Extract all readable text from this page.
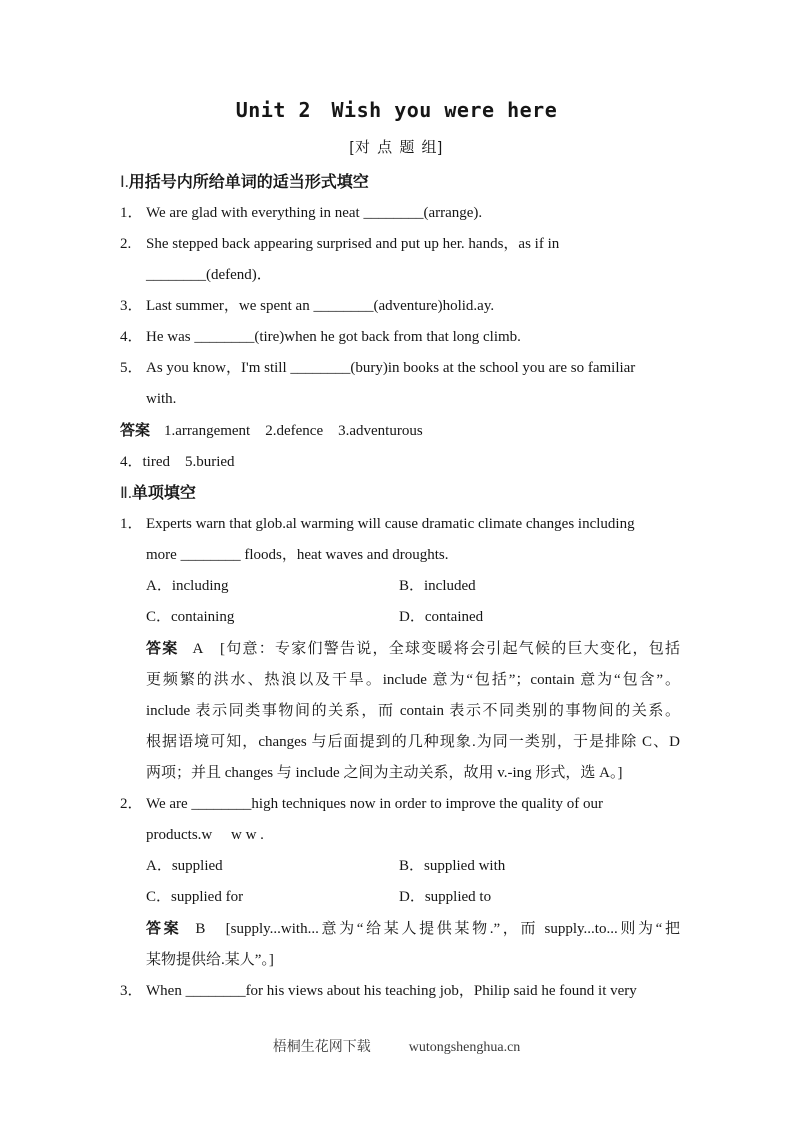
Unit 2　Wish you were here
[对 点 题 组]
Ⅰ.用括号内所给单词的适当形式填空
1． We are glad with everything in neat ________(arrange).
2. She stepped back appearing surprised and put up her. hands，as if in
________(defend)．
3． Last summer，we spent an ________(adventure)holid.ay.
4． He was ________(tire)when he got back from that long climb.
5． As you know，I'm still ________(bury)in books at the school you are so familiar
with.
答案 1.arrangement　2.defence　3.adventurous
4．tired　5.buried
Ⅱ.单项填空
1． Experts warn that glob.al warming will cause dramatic climate changes including
more ________ floods，heat waves and droughts.
A．including	B．included
C．containing	D．contained
答案 A　[句意：专家们警告说，全球变暖将会引起气候的巨大变化，包括
更频繁的洪水、热浪以及干旱。include 意为“包括”；contain 意为“包含”。
include 表示同类事物间的关系，而 contain 表示不同类别的事物间的关系。
根据语境可知，changes 与后面提到的几种现象.为同一类别，于是排除 C、D
两项；并且 changes 与 include 之间为主动关系，故用 v.-ing 形式，选 A。]
2． We are ________high techniques now in order to improve the quality of our
products.w　 w w .
A．supplied	B．supplied with
C．supplied for	D．supplied to
答案 B　[supply...with...意为“给某人提供某物.”，而 supply...to...则为“把
某物提供给.某人”。]
3． When ________for his views about his teaching job，Philip said he found it very
梧桐生花网下载	wutongshenghua.cn
